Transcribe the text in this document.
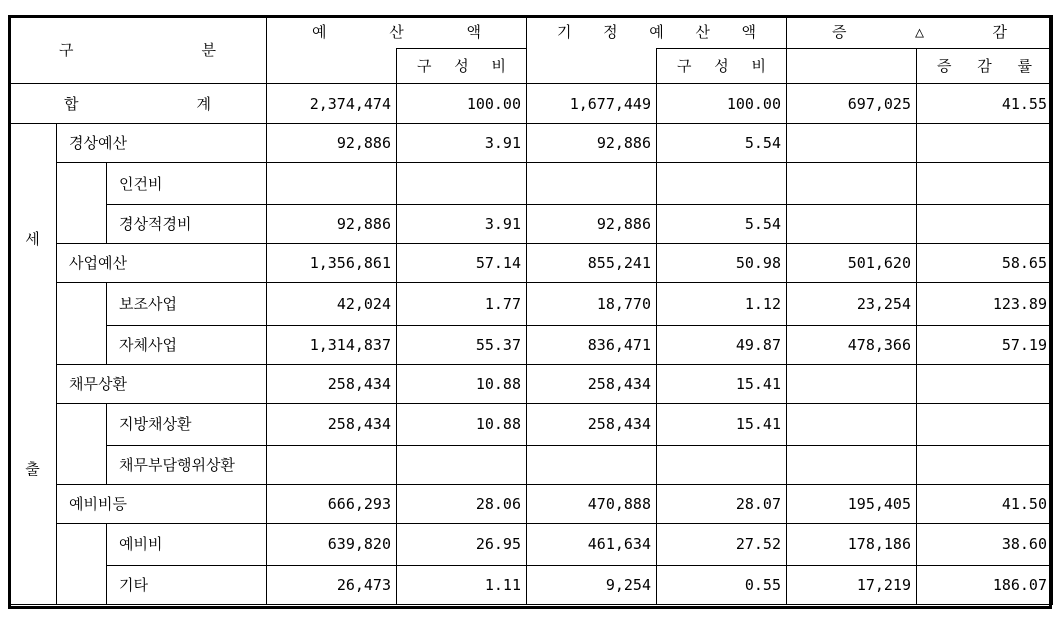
구 분			예 산 액		기 정 예 산 액		증 △ 감	

				구 성 비		구 성 비		증 감 률

합 계			2,374,474	100.00	1,677,449	100.00	697,025	41.55

세
출	경상예산		92,886	3.91	92,886	5.54		
		인건비						
		경상적경비	92,886	3.91	92,886	5.54		
	사업예산		1,356,861	57.14	855,241	50.98	501,620	58.65
		보조사업	42,024	1.77	18,770	1.12	23,254	123.89
		자체사업	1,314,837	55.37	836,471	49.87	478,366	57.19
	채무상환		258,434	10.88	258,434	15.41		
		지방채상환	258,434	10.88	258,434	15.41		
		채무부담행위상환						
	예비비등		666,293	28.06	470,888	28.07	195,405	41.50
		예비비	639,820	26.95	461,634	27.52	178,186	38.60
		기타	26,473	1.11	9,254	0.55	17,219	186.07
